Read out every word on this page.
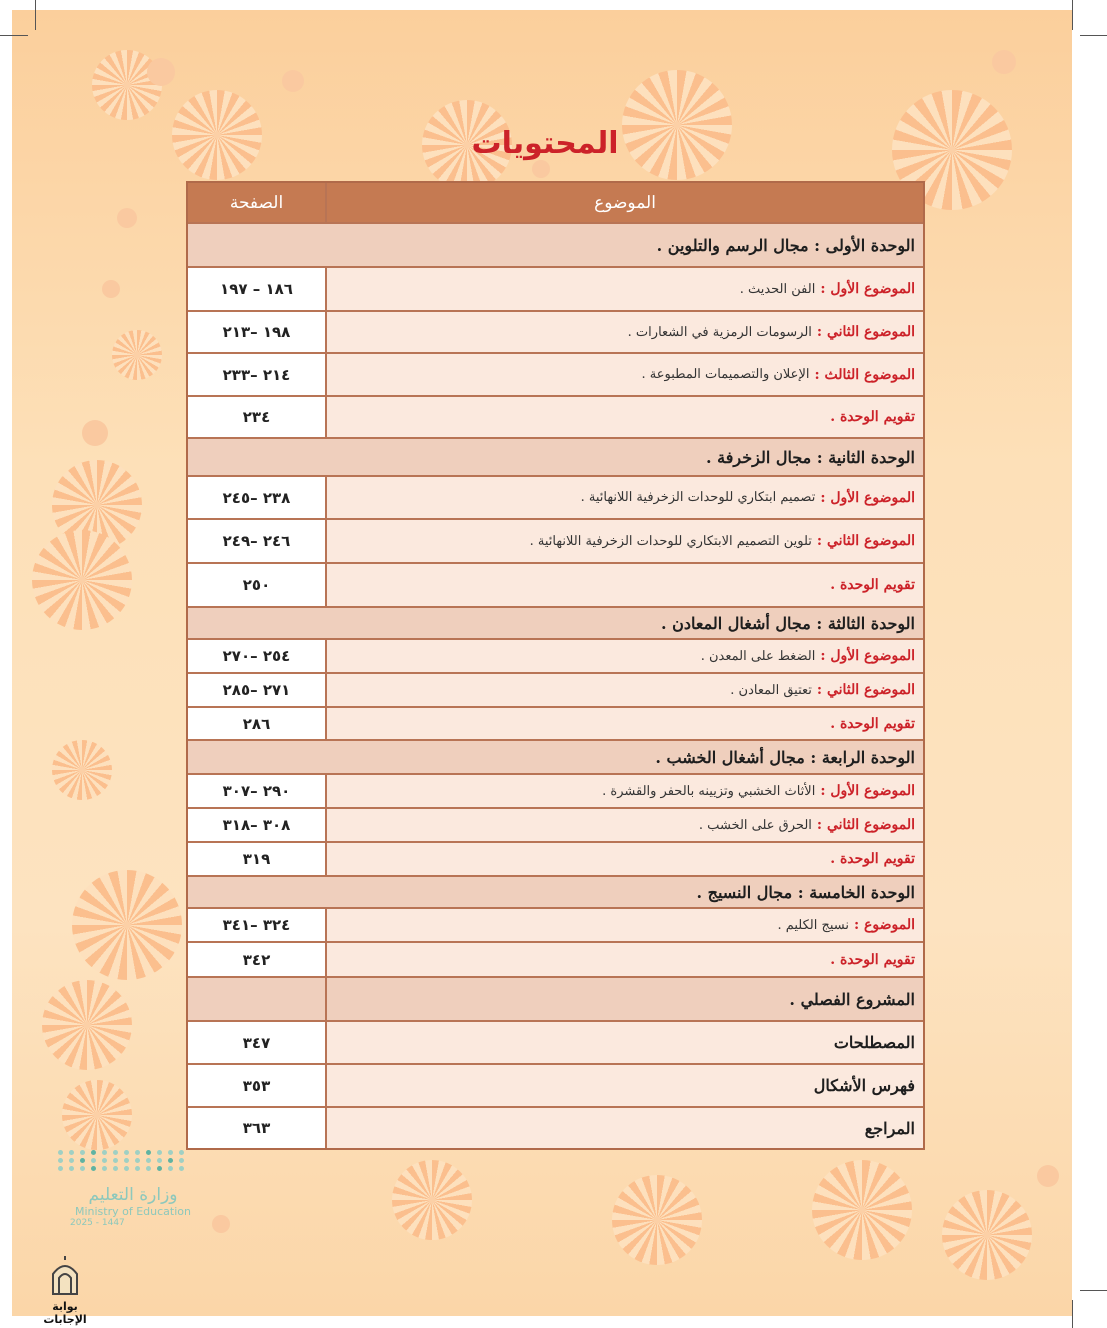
المحتويات
الموضوع
الصفحة
الوحدة الأولى : مجال الرسم والتلوين .
الموضوع الأول :
الفن الحديث .
١٨٦ – ١٩٧
الموضوع الثاني :
الرسومات الرمزية في الشعارات .
١٩٨ –٢١٣
الموضوع الثالث :
الإعلان والتصميمات المطبوعة .
٢١٤ –٢٣٣
تقويم الوحدة .
٢٣٤
الوحدة الثانية : مجال الزخرفة .
الموضوع الأول :
تصميم ابتكاري للوحدات الزخرفية اللانهائية .
٢٣٨ –٢٤٥
الموضوع الثاني :
تلوين التصميم الابتكاري للوحدات الزخرفية اللانهائية .
٢٤٦ –٢٤٩
تقويم الوحدة .
٢٥٠
الوحدة الثالثة : مجال أشغال المعادن .
الموضوع الأول :
الضغط على المعدن .
٢٥٤ –٢٧٠
الموضوع الثاني :
تعتيق المعادن .
٢٧١ –٢٨٥
تقويم الوحدة .
٢٨٦
الوحدة الرابعة : مجال أشغال الخشب .
الموضوع الأول :
الأثاث الخشبي وتزيينه بالحفر والقشرة .
٢٩٠ –٣٠٧
الموضوع الثاني :
الحرق على الخشب .
٣٠٨ –٣١٨
تقويم الوحدة .
٣١٩
الوحدة الخامسة : مجال النسيج .
الموضوع :
نسيج الكليم .
٣٢٤ –٣٤١
تقويم الوحدة .
٣٤٢
المشروع الفصلي .
المصطلحات
٣٤٧
فهرس الأشكال
٣٥٣
المراجع
٣٦٣
وزارة التعليم
Ministry of Education
2025 - 1447
بوابة الإجابات
